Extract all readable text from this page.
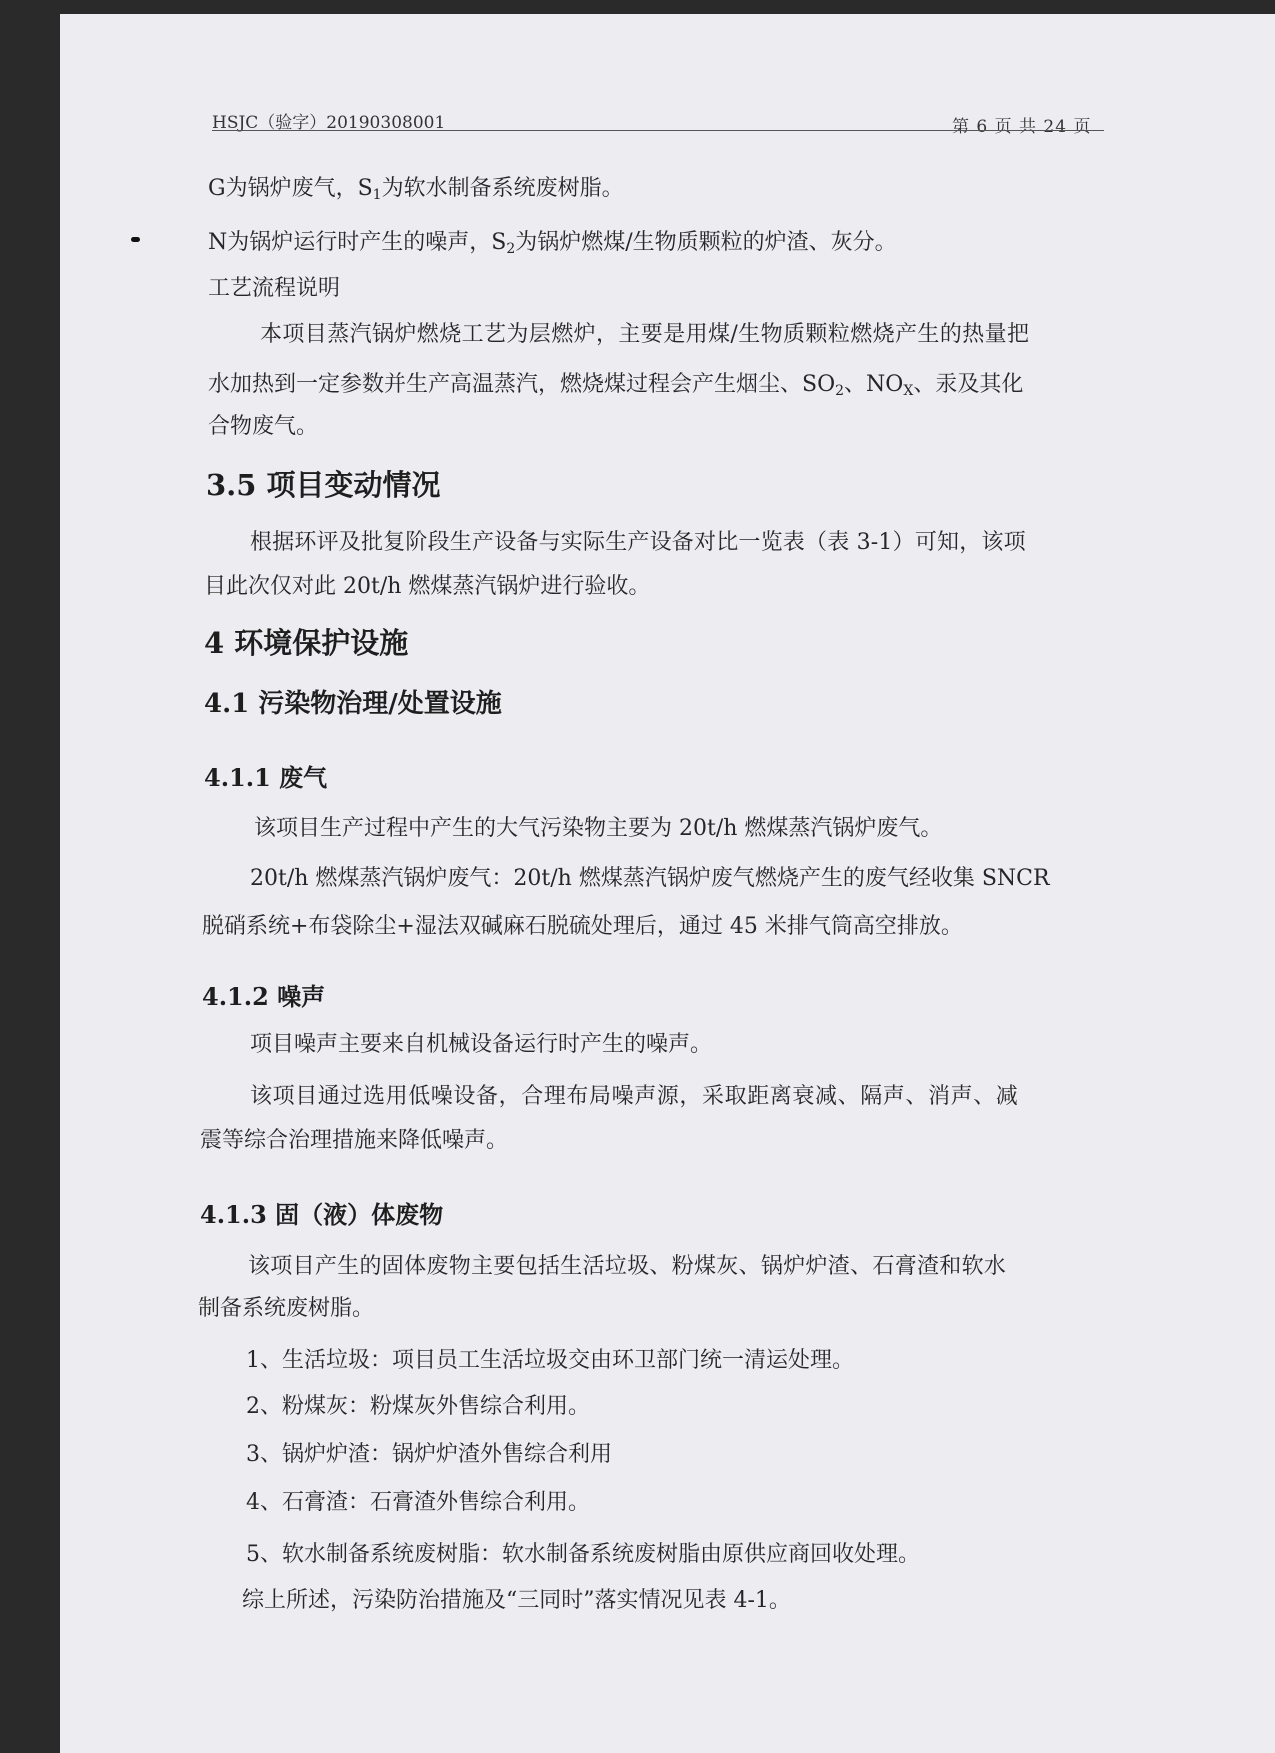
HSJC（验字）20190308001	第 6 页 共 24 页
G为锅炉废气，$S_1$为软水制备系统废树脂。
N为锅炉运行时产生的噪声，$S_2$为锅炉燃煤/生物质颗粒的炉渣、灰分。
工艺流程说明
本项目蒸汽锅炉燃烧工艺为层燃炉，主要是用煤/生物质颗粒燃烧产生的热量把
水加热到一定参数并生产高温蒸汽，燃烧煤过程会产生烟尘、$SO_2$、$NO_X$、汞及其化
合物废气。
3.5 项目变动情况
根据环评及批复阶段生产设备与实际生产设备对比一览表（表 3-1）可知，该项
目此次仅对此 20t/h 燃煤蒸汽锅炉进行验收。
4 环境保护设施
4.1 污染物治理/处置设施
4.1.1 废气
该项目生产过程中产生的大气污染物主要为 20t/h 燃煤蒸汽锅炉废气。
20t/h 燃煤蒸汽锅炉废气：20t/h 燃煤蒸汽锅炉废气燃烧产生的废气经收集 SNCR
脱硝系统+布袋除尘+湿法双碱麻石脱硫处理后，通过 45 米排气筒高空排放。
4.1.2 噪声
项目噪声主要来自机械设备运行时产生的噪声。
该项目通过选用低噪设备，合理布局噪声源，采取距离衰减、隔声、消声、减
震等综合治理措施来降低噪声。
4.1.3 固（液）体废物
该项目产生的固体废物主要包括生活垃圾、粉煤灰、锅炉炉渣、石膏渣和软水
制备系统废树脂。
1、生活垃圾：项目员工生活垃圾交由环卫部门统一清运处理。
2、粉煤灰：粉煤灰外售综合利用。
3、锅炉炉渣：锅炉炉渣外售综合利用
4、石膏渣：石膏渣外售综合利用。
5、软水制备系统废树脂：软水制备系统废树脂由原供应商回收处理。
综上所述，污染防治措施及“三同时”落实情况见表 4-1。
